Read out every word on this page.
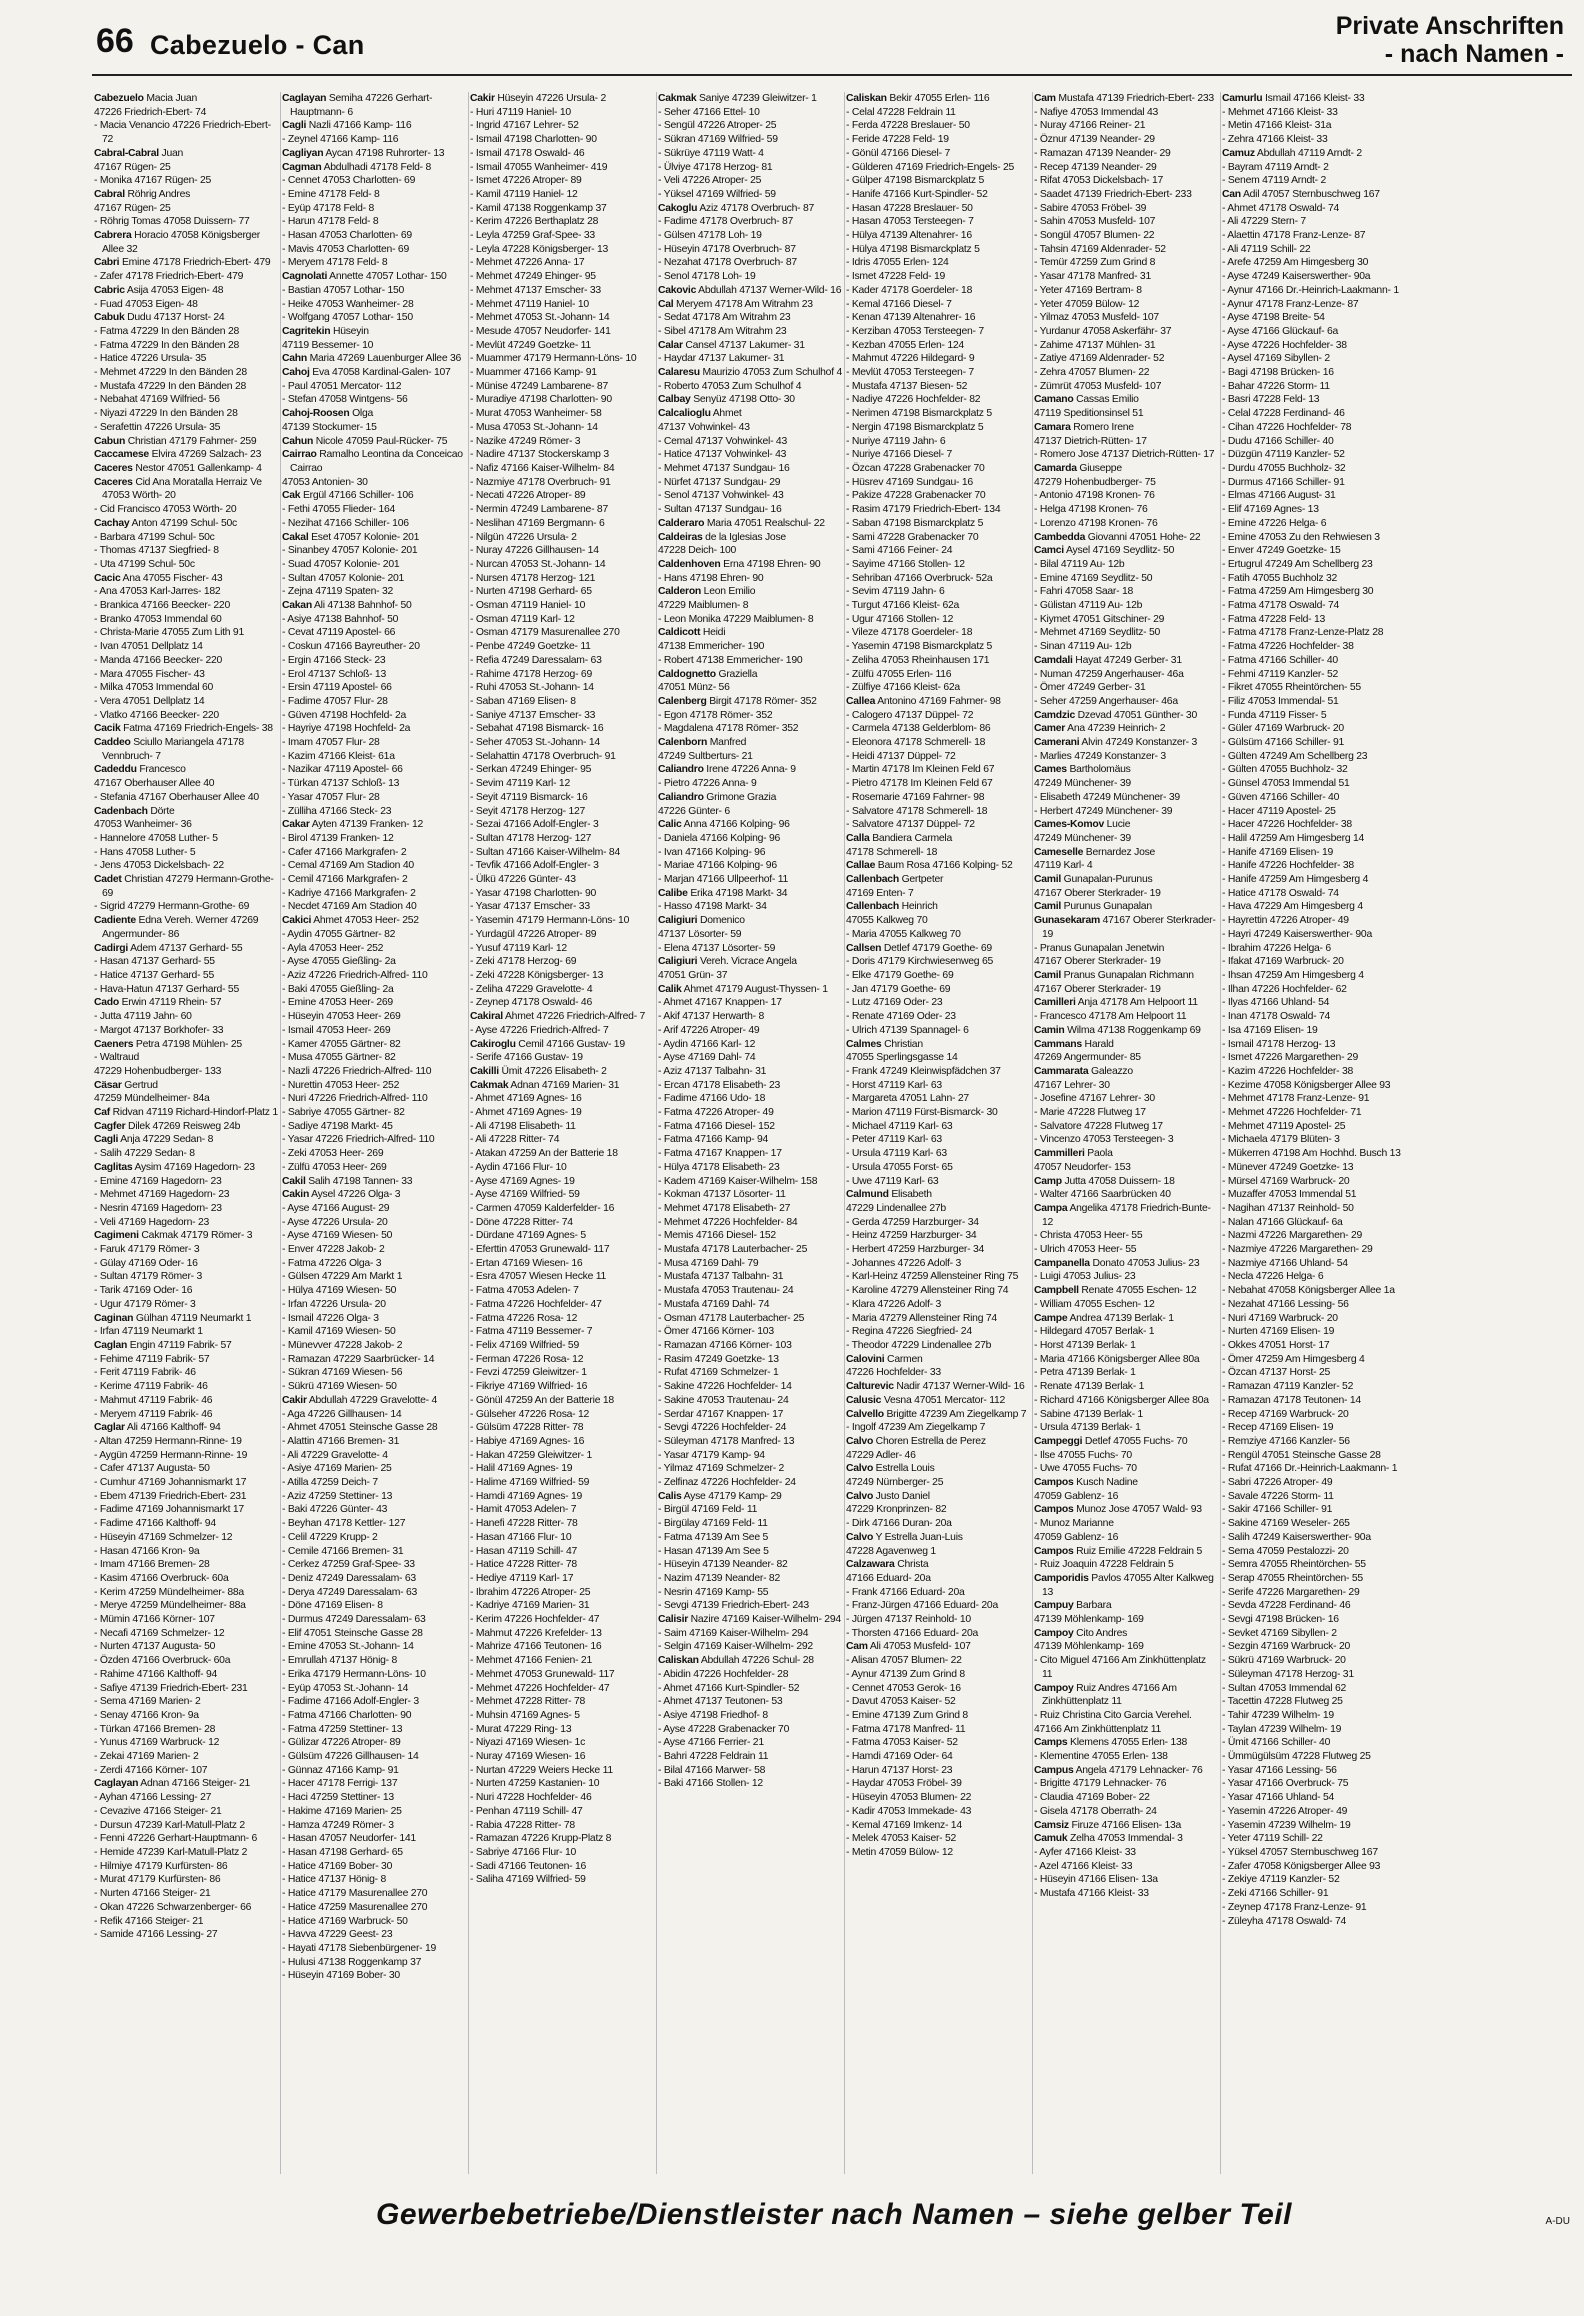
66 Cabezuelo - Can
Private Anschriften
- nach Namen -
Cabezuelo Macia Juan
47226 Friedrich-Ebert- 74
- Macia Venancio 47226 Friedrich-Ebert- 72
Cabral-Cabral Juan
47167 Rügen- 25
- Monika 47167 Rügen- 25
Cabral Röhrig Andres
47167 Rügen- 25
- Röhrig Tomas 47058 Duissern- 77
Cabrera Horacio 47058 Königsberger Allee 32
Cabri Emine 47178 Friedrich-Ebert- 479
- Zafer 47178 Friedrich-Ebert- 479
Cabric Asija 47053 Eigen- 48
- Fuad 47053 Eigen- 48
Cabuk Dudu 47137 Horst- 24
- Fatma 47229 In den Bänden 28
- Fatma 47229 In den Bänden 28
- Hatice 47226 Ursula- 35
- Mehmet 47229 In den Bänden 28
- Mustafa 47229 In den Bänden 28
- Nebahat 47169 Wilfried- 56
- Niyazi 47229 In den Bänden 28
- Serafettin 47226 Ursula- 35
Cabun Christian 47179 Fahrner- 259
Caccamese Elvira 47269 Salzach- 23
Caceres Nestor 47051 Gallenkamp- 4
Caceres Cid Ana Moratalla Herraiz Ve 47053 Wörth- 20
- Cid Francisco 47053 Wörth- 20
Cachay Anton 47199 Schul- 50c
- Barbara 47199 Schul- 50c
- Thomas 47137 Siegfried- 8
- Uta 47199 Schul- 50c
Cacic Ana 47055 Fischer- 43
- Ana 47053 Karl-Jarres- 182
- Brankica 47166 Beecker- 220
- Branko 47053 Immendal 60
- Christa-Marie 47055 Zum Lith 91
- Ivan 47051 Dellplatz 14
- Manda 47166 Beecker- 220
- Mara 47055 Fischer- 43
- Milka 47053 Immendal 60
- Vera 47051 Dellplatz 14
- Vlatko 47166 Beecker- 220
Cacik Fatma 47169 Friedrich-Engels- 38
Caddeo Sciullo Mariangela 47178 Vennbruch- 7
Cadeddu Francesco
47167 Oberhauser Allee 40
- Stefania 47167 Oberhauser Allee 40
Cadenbach Dörte
47053 Wanheimer- 36
- Hannelore 47058 Luther- 5
- Hans 47058 Luther- 5
- Jens 47053 Dickelsbach- 22
Cadet Christian 47279 Hermann-Grothe- 69
- Sigrid 47279 Hermann-Grothe- 69
Cadiente Edna Vereh. Werner 47269 Angermunder- 86
Cadirgi Adem 47137 Gerhard- 55
- Hasan 47137 Gerhard- 55
- Hatice 47137 Gerhard- 55
- Hava-Hatun 47137 Gerhard- 55
Cado Erwin 47119 Rhein- 57
- Jutta 47119 Jahn- 60
- Margot 47137 Borkhofer- 33
Caeners Petra 47198 Mühlen- 25
- Waltraud
47229 Hohenbudberger- 133
Cäsar Gertrud
47259 Mündelheimer- 84a
Caf Ridvan 47119 Richard-Hindorf-Platz 1
Cagfer Dilek 47269 Reisweg 24b
Cagli Anja 47229 Sedan- 8
- Salih 47229 Sedan- 8
Caglitas Aysim 47169 Hagedorn- 23
- Emine 47169 Hagedorn- 23
- Mehmet 47169 Hagedorn- 23
- Nesrin 47169 Hagedorn- 23
- Veli 47169 Hagedorn- 23
Cagimeni Cakmak 47179 Römer- 3
- Faruk 47179 Römer- 3
- Gülay 47169 Oder- 16
- Sultan 47179 Römer- 3
- Tarik 47169 Oder- 16
- Ugur 47179 Römer- 3
Caginan Gülhan 47119 Neumarkt 1
- Irfan 47119 Neumarkt 1
Caglan Engin 47119 Fabrik- 57
- Fehime 47119 Fabrik- 57
- Ferit 47119 Fabrik- 46
- Kerime 47119 Fabrik- 46
- Mahmut 47119 Fabrik- 46
- Meryem 47119 Fabrik- 46
Caglar Ali 47166 Kalthoff- 94
- Altan 47259 Hermann-Rinne- 19
- Aygün 47259 Hermann-Rinne- 19
- Cafer 47137 Augusta- 50
- Cumhur 47169 Johannismarkt 17
- Ebem 47139 Friedrich-Ebert- 231
- Fadime 47169 Johannismarkt 17
- Fadime 47166 Kalthoff- 94
- Hüseyin 47169 Schmelzer- 12
- Hasan 47166 Kron- 9a
- Imam 47166 Bremen- 28
- Kasim 47166 Overbruck- 60a
- Kerim 47259 Mündelheimer- 88a
- Merye 47259 Mündelheimer- 88a
- Mümin 47166 Körner- 107
- Necafi 47169 Schmelzer- 12
- Nurten 47137 Augusta- 50
- Özden 47166 Overbruck- 60a
- Rahime 47166 Kalthoff- 94
- Safiye 47139 Friedrich-Ebert- 231
- Sema 47169 Marien- 2
- Senay 47166 Kron- 9a
- Türkan 47166 Bremen- 28
- Yunus 47169 Warbruck- 12
- Zekai 47169 Marien- 2
- Zerdi 47166 Körner- 107
Caglayan Adnan 47166 Steiger- 21
- Ayhan 47166 Lessing- 27
- Cevazive 47166 Steiger- 21
- Dursun 47239 Karl-Matull-Platz 2
- Fenni 47226 Gerhart-Hauptmann- 6
- Hemide 47239 Karl-Matull-Platz 2
- Hilmiye 47179 Kurfürsten- 86
- Murat 47179 Kurfürsten- 86
- Nurten 47166 Steiger- 21
- Okan 47226 Schwarzenberger- 66
- Refik 47166 Steiger- 21
- Samide 47166 Lessing- 27
Caglayan Semiha 47226 Gerhart-Hauptmann- 6
Cagli Nazli 47166 Kamp- 116
- Zeynel 47166 Kamp- 116
Cagliyan Aycan 47198 Ruhrorter- 13
Cagman Abdulhadi 47178 Feld- 8
- Cennet 47053 Charlotten- 69
- Emine 47178 Feld- 8
- Eyüp 47178 Feld- 8
- Harun 47178 Feld- 8
- Hasan 47053 Charlotten- 69
- Mavis 47053 Charlotten- 69
- Meryem 47178 Feld- 8
Cagnolati Annette 47057 Lothar- 150
- Bastian 47057 Lothar- 150
- Heike 47053 Wanheimer- 28
- Wolfgang 47057 Lothar- 150
Cagritekin Hüseyin
47119 Bessemer- 10
Cahn Maria 47269 Lauenburger Allee 36
Cahoj Eva 47058 Kardinal-Galen- 107
- Paul 47051 Mercator- 112
- Stefan 47058 Wintgens- 56
Cahoj-Roosen Olga
47139 Stockumer- 15
Cahun Nicole 47059 Paul-Rücker- 75
Cairrao Ramalho Leontina da Conceicao Cairrao
47053 Antonien- 30
Cak Ergül 47166 Schiller- 106
- Fethi 47055 Flieder- 164
- Nezihat 47166 Schiller- 106
Cakal Eset 47057 Kolonie- 201
- Sinanbey 47057 Kolonie- 201
- Suad 47057 Kolonie- 201
- Sultan 47057 Kolonie- 201
- Zejna 47119 Spaten- 32
Cakan Ali 47138 Bahnhof- 50
- Asiye 47138 Bahnhof- 50
- Cevat 47119 Apostel- 66
- Coskun 47166 Bayreuther- 20
- Ergin 47166 Steck- 23
- Erol 47137 Schloß- 13
- Ersin 47119 Apostel- 66
- Fadime 47057 Flur- 28
- Güven 47198 Hochfeld- 2a
- Hayriye 47198 Hochfeld- 2a
- Imam 47057 Flur- 28
- Kazim 47166 Kleist- 61a
- Nazikar 47119 Apostel- 66
- Türkan 47137 Schloß- 13
- Yasar 47057 Flur- 28
- Zülliha 47166 Steck- 23
Cakar Ayten 47139 Franken- 12
- Birol 47139 Franken- 12
- Cafer 47166 Markgrafen- 2
- Cemal 47169 Am Stadion 40
- Cemil 47166 Markgrafen- 2
- Kadriye 47166 Markgrafen- 2
- Necdet 47169 Am Stadion 40
Cakici Ahmet 47053 Heer- 252
- Aydin 47055 Gärtner- 82
- Ayla 47053 Heer- 252
- Ayse 47055 Gießling- 2a
- Aziz 47226 Friedrich-Alfred- 110
- Baki 47055 Gießling- 2a
- Emine 47053 Heer- 269
- Hüseyin 47053 Heer- 269
- Ismail 47053 Heer- 269
- Kamer 47055 Gärtner- 82
- Musa 47055 Gärtner- 82
- Nazli 47226 Friedrich-Alfred- 110
- Nurettin 47053 Heer- 252
- Nuri 47226 Friedrich-Alfred- 110
- Sabriye 47055 Gärtner- 82
- Sadiye 47198 Markt- 45
- Yasar 47226 Friedrich-Alfred- 110
- Zeki 47053 Heer- 269
- Zülfü 47053 Heer- 269
Cakil Salih 47198 Tannen- 33
Cakin Aysel 47226 Olga- 3
- Ayse 47166 August- 29
- Ayse 47226 Ursula- 20
- Ayse 47169 Wiesen- 50
- Enver 47228 Jakob- 2
- Fatma 47226 Olga- 3
- Gülsen 47229 Am Markt 1
- Hülya 47169 Wiesen- 50
- Irfan 47226 Ursula- 20
- Ismail 47226 Olga- 3
- Kamil 47169 Wiesen- 50
- Münevver 47228 Jakob- 2
- Ramazan 47229 Saarbrücker- 14
- Sükran 47169 Wiesen- 56
- Sükrü 47169 Wiesen- 50
Cakir Abdullah 47229 Gravelotte- 4
- Aga 47226 Gillhausen- 14
- Ahmet 47051 Steinsche Gasse 28
- Alattin 47166 Bremen- 31
- Ali 47229 Gravelotte- 4
- Asiye 47169 Marien- 25
- Atilla 47259 Deich- 7
- Aziz 47259 Stettiner- 13
- Baki 47226 Günter- 43
- Beyhan 47178 Kettler- 127
- Celil 47229 Krupp- 2
- Cemile 47166 Bremen- 31
- Cerkez 47259 Graf-Spee- 33
- Deniz 47249 Daressalam- 63
- Derya 47249 Daressalam- 63
- Döne 47169 Elisen- 8
- Durmus 47249 Daressalam- 63
- Elif 47051 Steinsche Gasse 28
- Emine 47053 St.-Johann- 14
- Emrullah 47137 Hönig- 8
- Erika 47179 Hermann-Löns- 10
- Eyüp 47053 St.-Johann- 14
- Fadime 47166 Adolf-Engler- 3
- Fatma 47166 Charlotten- 90
- Fatma 47259 Stettiner- 13
- Gülizar 47226 Atroper- 89
- Gülsüm 47226 Gillhausen- 14
- Günnaz 47166 Kamp- 91
- Hacer 47178 Ferrigi- 137
- Haci 47259 Stettiner- 13
- Hakime 47169 Marien- 25
- Hamza 47249 Römer- 3
- Hasan 47057 Neudorfer- 141
- Hasan 47198 Gerhard- 65
- Hatice 47169 Bober- 30
- Hatice 47137 Hönig- 8
- Hatice 47179 Masurenallee 270
- Hatice 47259 Masurenallee 270
- Hatice 47169 Warbruck- 50
- Havva 47229 Geest- 23
- Hayati 47178 Siebenbürgener- 19
- Hulusi 47138 Roggenkamp 37
- Hüseyin 47169 Bober- 30
Cakir Hüseyin 47226 Ursula- 2
- Huri 47119 Haniel- 10
- Ingrid 47167 Lehrer- 52
- Ismail 47198 Charlotten- 90
- Ismail 47178 Oswald- 46
- Ismail 47055 Wanheimer- 419
- Ismet 47226 Atroper- 89
- Kamil 47119 Haniel- 12
- Kamil 47138 Roggenkamp 37
- Kerim 47226 Berthaplatz 28
- Leyla 47259 Graf-Spee- 33
- Leyla 47228 Königsberger- 13
- Mehmet 47226 Anna- 17
- Mehmet 47249 Ehinger- 95
- Mehmet 47137 Emscher- 33
- Mehmet 47119 Haniel- 10
- Mehmet 47053 St.-Johann- 14
- Mesude 47057 Neudorfer- 141
- Mevlüt 47249 Goetzke- 11
- Muammer 47179 Hermann-Löns- 10
- Muammer 47166 Kamp- 91
- Münise 47249 Lambarene- 87
- Muradiye 47198 Charlotten- 90
- Murat 47053 Wanheimer- 58
- Musa 47053 St.-Johann- 14
- Nazike 47249 Römer- 3
- Nadire 47137 Stockerskamp 3
- Nafiz 47166 Kaiser-Wilhelm- 84
- Nazmiye 47178 Overbruch- 91
- Necati 47226 Atroper- 89
- Nermin 47249 Lambarene- 87
- Neslihan 47169 Bergmann- 6
- Nilgün 47226 Ursula- 2
- Nuray 47226 Gillhausen- 14
- Nurcan 47053 St.-Johann- 14
- Nursen 47178 Herzog- 121
- Nurten 47198 Gerhard- 65
- Osman 47119 Haniel- 10
- Osman 47119 Karl- 12
- Osman 47179 Masurenallee 270
- Penbe 47249 Goetzke- 11
- Refia 47249 Daressalam- 63
- Rahime 47178 Herzog- 69
- Ruhi 47053 St.-Johann- 14
- Saban 47169 Elisen- 8
- Saniye 47137 Emscher- 33
- Sebahat 47198 Bismarck- 16
- Seher 47053 St.-Johann- 14
- Selahattin 47178 Overbruch- 91
- Serkan 47249 Ehinger- 95
- Sevim 47119 Karl- 12
- Seyit 47119 Bismarck- 16
- Seyit 47178 Herzog- 127
- Sezai 47166 Adolf-Engler- 3
- Sultan 47178 Herzog- 127
- Sultan 47166 Kaiser-Wilhelm- 84
- Tevfik 47166 Adolf-Engler- 3
- Ülkü 47226 Günter- 43
- Yasar 47198 Charlotten- 90
- Yasar 47137 Emscher- 33
- Yasemin 47179 Hermann-Löns- 10
- Yurdagül 47226 Atroper- 89
- Yusuf 47119 Karl- 12
- Zeki 47178 Herzog- 69
- Zeki 47228 Königsberger- 13
- Zeliha 47229 Gravelotte- 4
- Zeynep 47178 Oswald- 46
Cakiral Ahmet 47226 Friedrich-Alfred- 7
- Ayse 47226 Friedrich-Alfred- 7
Cakiroglu Cemil 47166 Gustav- 19
- Serife 47166 Gustav- 19
Cakilli Ümit 47226 Elisabeth- 2
Cakmak Adnan 47169 Marien- 31
- Ahmet 47169 Agnes- 16
- Ahmet 47169 Agnes- 19
- Ali 47198 Elisabeth- 11
- Ali 47228 Ritter- 74
- Atakan 47259 An der Batterie 18
- Aydin 47166 Flur- 10
- Ayse 47169 Agnes- 19
- Ayse 47169 Wilfried- 59
- Carmen 47059 Kalderfelder- 16
- Döne 47228 Ritter- 74
- Dürdane 47169 Agnes- 5
- Eferttin 47053 Grunewald- 117
- Ertan 47169 Wiesen- 16
- Esra 47057 Wiesen Hecke 11
- Fatma 47053 Adelen- 7
- Fatma 47226 Hochfelder- 47
- Fatma 47226 Rosa- 12
- Fatma 47119 Bessemer- 7
- Felix 47169 Wilfried- 59
- Ferman 47226 Rosa- 12
- Fevzi 47259 Gleiwitzer- 1
- Fikriye 47169 Wilfried- 16
- Gönül 47259 An der Batterie 18
- Gülseher 47226 Rosa- 12
- Gülsüm 47228 Ritter- 78
- Habiye 47169 Agnes- 16
- Hakan 47259 Gleiwitzer- 1
- Halil 47169 Agnes- 19
- Halime 47169 Wilfried- 59
- Hamdi 47169 Agnes- 19
- Hamit 47053 Adelen- 7
- Hanefi 47228 Ritter- 78
- Hasan 47166 Flur- 10
- Hasan 47119 Schill- 47
- Hatice 47228 Ritter- 78
- Hediye 47119 Karl- 17
- Ibrahim 47226 Atroper- 25
- Kadriye 47169 Marien- 31
- Kerim 47226 Hochfelder- 47
- Mahmut 47226 Krefelder- 13
- Mahrize 47166 Teutonen- 16
- Mehmet 47166 Fenien- 21
- Mehmet 47053 Grunewald- 117
- Mehmet 47226 Hochfelder- 47
- Mehmet 47228 Ritter- 78
- Muhsin 47169 Agnes- 5
- Murat 47229 Ring- 13
- Niyazi 47169 Wiesen- 1c
- Nuray 47169 Wiesen- 16
- Nurtan 47229 Weiers Hecke 11
- Nurten 47259 Kastanien- 10
- Nuri 47228 Hochfelder- 46
- Penhan 47119 Schill- 47
- Rabia 47228 Ritter- 78
- Ramazan 47226 Krupp-Platz 8
- Sabriye 47166 Flur- 10
- Sadi 47166 Teutonen- 16
- Saliha 47169 Wilfried- 59
Cakmak Saniye 47239 Gleiwitzer- 1
- Seher 47166 Ettel- 10
- Sengül 47226 Atroper- 25
- Sükran 47169 Wilfried- 59
- Sükrüye 47119 Watt- 4
- Ülviye 47178 Herzog- 81
- Veli 47226 Atroper- 25
- Yüksel 47169 Wilfried- 59
Cakoglu Aziz 47178 Overbruch- 87
- Fadime 47178 Overbruch- 87
- Gülsen 47178 Loh- 19
- Hüseyin 47178 Overbruch- 87
- Nezahat 47178 Overbruch- 87
- Senol 47178 Loh- 19
Cakovic Abdullah 47137 Werner-Wild- 16
Cal Meryem 47178 Am Witrahm 23
- Sedat 47178 Am Witrahm 23
- Sibel 47178 Am Witrahm 23
Calar Cansel 47137 Lakumer- 31
- Haydar 47137 Lakumer- 31
Calaresu Maurizio 47053 Zum Schulhof 4
- Roberto 47053 Zum Schulhof 4
Calbay Senyüz 47198 Otto- 30
Calcalioglu Ahmet
47137 Vohwinkel- 43
- Cemal 47137 Vohwinkel- 43
- Hatice 47137 Vohwinkel- 43
- Mehmet 47137 Sundgau- 16
- Nürfet 47137 Sundgau- 29
- Senol 47137 Vohwinkel- 43
- Sultan 47137 Sundgau- 16
Calderaro Maria 47051 Realschul- 22
Caldeiras de la Iglesias Jose
47228 Deich- 100
Caldenhoven Erna 47198 Ehren- 90
- Hans 47198 Ehren- 90
Calderon Leon Emilio
47229 Maiblumen- 8
- Leon Monika 47229 Maiblumen- 8
Caldicott Heidi
47138 Emmericher- 190
- Robert 47138 Emmericher- 190
Caldognetto Graziella
47051 Münz- 56
Calenberg Birgit 47178 Römer- 352
- Egon 47178 Römer- 352
- Magdalena 47178 Römer- 352
Calenborn Manfred
47249 Sultberturs- 21
Caliandro Irene 47226 Anna- 9
- Pietro 47226 Anna- 9
Caliandro Grimone Grazia
47226 Günter- 6
Calic Anna 47166 Kolping- 96
- Daniela 47166 Kolping- 96
- Ivan 47166 Kolping- 96
- Mariae 47166 Kolping- 96
- Marjan 47166 Ullpeerhof- 11
Calibe Erika 47198 Markt- 34
- Hasso 47198 Markt- 34
Caligiuri Domenico
47137 Lösorter- 59
- Elena 47137 Lösorter- 59
Caligiuri Vereh. Vicrace Angela
47051 Grün- 37
Calik Ahmet 47179 August-Thyssen- 1
- Ahmet 47167 Knappen- 17
- Akif 47137 Herwarth- 8
- Arif 47226 Atroper- 49
- Aydin 47166 Karl- 12
- Ayse 47169 Dahl- 74
- Aziz 47137 Talbahn- 31
- Ercan 47178 Elisabeth- 23
- Fadime 47166 Udo- 18
- Fatma 47226 Atroper- 49
- Fatma 47166 Diesel- 152
- Fatma 47166 Kamp- 94
- Fatma 47167 Knappen- 17
- Hülya 47178 Elisabeth- 23
- Kadem 47169 Kaiser-Wilhelm- 158
- Kokman 47137 Lösorter- 11
- Mehmet 47178 Elisabeth- 27
- Mehmet 47226 Hochfelder- 84
- Memis 47166 Diesel- 152
- Mustafa 47178 Lauterbacher- 25
- Musa 47169 Dahl- 79
- Mustafa 47137 Talbahn- 31
- Mustafa 47053 Trautenau- 24
- Mustafa 47169 Dahl- 74
- Osman 47178 Lauterbacher- 25
- Ömer 47166 Körner- 103
- Ramazan 47166 Körner- 103
- Rasim 47249 Goetzke- 13
- Rufat 47169 Schmelzer- 1
- Sakine 47226 Hochfelder- 14
- Sakine 47053 Trautenau- 24
- Serdar 47167 Knappen- 17
- Sevgi 47226 Hochfelder- 24
- Süleyman 47178 Manfred- 13
- Yasar 47179 Kamp- 94
- Yilmaz 47169 Schmelzer- 2
- Zelfinaz 47226 Hochfelder- 24
Calis Ayse 47179 Kamp- 29
- Birgül 47169 Feld- 11
- Birgülay 47169 Feld- 11
- Fatma 47139 Am See 5
- Hasan 47139 Am See 5
- Hüseyin 47139 Neander- 82
- Nazim 47139 Neander- 82
- Nesrin 47169 Kamp- 55
- Sevgi 47139 Friedrich-Ebert- 243
Calisir Nazire 47169 Kaiser-Wilhelm- 294
- Saim 47169 Kaiser-Wilhelm- 294
- Selgin 47169 Kaiser-Wilhelm- 292
Caliskan Abdullah 47226 Schul- 28
- Abidin 47226 Hochfelder- 28
- Ahmet 47166 Kurt-Spindler- 52
- Ahmet 47137 Teutonen- 53
- Asiye 47198 Friedhof- 8
- Ayse 47228 Grabenacker 70
- Ayse 47166 Ferrier- 21
- Bahri 47228 Feldrain 11
- Bilal 47166 Marwer- 58
- Baki 47166 Stollen- 12
Caliskan Bekir 47055 Erlen- 116
- Celal 47228 Feldrain 11
- Ferda 47228 Breslauer- 50
- Feride 47228 Feld- 19
- Gönül 47166 Diesel- 7
- Gülderen 47169 Friedrich-Engels- 25
- Gülper 47198 Bismarckplatz 5
- Hanife 47166 Kurt-Spindler- 52
- Hasan 47228 Breslauer- 50
- Hasan 47053 Tersteegen- 7
- Hülya 47139 Altenahrer- 16
- Hülya 47198 Bismarckplatz 5
- Idris 47055 Erlen- 124
- Ismet 47228 Feld- 19
- Kader 47178 Goerdeler- 18
- Kemal 47166 Diesel- 7
- Kenan 47139 Altenahrer- 16
- Kerziban 47053 Tersteegen- 7
- Kezban 47055 Erlen- 124
- Mahmut 47226 Hildegard- 9
- Mevlüt 47053 Tersteegen- 7
- Mustafa 47137 Biesen- 52
- Nadiye 47226 Hochfelder- 82
- Nerimen 47198 Bismarckplatz 5
- Nergin 47198 Bismarckplatz 5
- Nuriye 47119 Jahn- 6
- Nuriye 47166 Diesel- 7
- Özcan 47228 Grabenacker 70
- Hüsrev 47169 Sundgau- 16
- Pakize 47228 Grabenacker 70
- Rasim 47179 Friedrich-Ebert- 134
- Saban 47198 Bismarckplatz 5
- Sami 47228 Grabenacker 70
- Sami 47166 Feiner- 24
- Sayime 47166 Stollen- 12
- Sehriban 47166 Overbruck- 52a
- Sevim 47119 Jahn- 6
- Turgut 47166 Kleist- 62a
- Ugur 47166 Stollen- 12
- Vileze 47178 Goerdeler- 18
- Yasemin 47198 Bismarckplatz 5
- Zeliha 47053 Rheinhausen 171
- Zülfü 47055 Erlen- 116
- Zülfiye 47166 Kleist- 62a
Callea Antonino 47169 Fahrner- 98
- Calogero 47137 Düppel- 72
- Carmela 47138 Gelderblom- 86
- Eleonora 47178 Schmerell- 18
- Heidi 47137 Düppel- 72
- Martin 47178 Im Kleinen Feld 67
- Pietro 47178 Im Kleinen Feld 67
- Rosemarie 47169 Fahrner- 98
- Salvatore 47178 Schmerell- 18
- Salvatore 47137 Düppel- 72
Calla Bandiera Carmela
47178 Schmerell- 18
Callae Baum Rosa 47166 Kolping- 52
Callenbach Gertpeter
47169 Enten- 7
Callenbach Heinrich
47055 Kalkweg 70
- Maria 47055 Kalkweg 70
Callsen Detlef 47179 Goethe- 69
- Doris 47179 Kirchwiesenweg 65
- Elke 47179 Goethe- 69
- Jan 47179 Goethe- 69
- Lutz 47169 Oder- 23
- Renate 47169 Oder- 23
- Ulrich 47139 Spannagel- 6
Calmes Christian
47055 Sperlingsgasse 14
- Frank 47249 Kleinwispfädchen 37
- Horst 47119 Karl- 63
- Margareta 47051 Lahn- 27
- Marion 47119 Fürst-Bismarck- 30
- Michael 47119 Karl- 63
- Peter 47119 Karl- 63
- Ursula 47119 Karl- 63
- Ursula 47055 Forst- 65
- Uwe 47119 Karl- 63
Calmund Elisabeth
47229 Lindenallee 27b
- Gerda 47259 Harzburger- 34
- Heinz 47259 Harzburger- 34
- Herbert 47259 Harzburger- 34
- Johannes 47226 Adolf- 3
- Karl-Heinz 47259 Allensteiner Ring 75
- Karoline 47279 Allensteiner Ring 74
- Klara 47226 Adolf- 3
- Maria 47279 Allensteiner Ring 74
- Regina 47226 Siegfried- 24
- Theodor 47229 Lindenallee 27b
Calovini Carmen
47226 Hochfelder- 33
Calturevic Nadir 47137 Werner-Wild- 16
Calusic Vesna 47051 Mercator- 112
Calvello Brigitte 47239 Am Ziegelkamp 7
- Ingolf 47239 Am Ziegelkamp 7
Calvo Choren Estrella de Perez
47229 Adler- 46
Calvo Estrella Louis
47249 Nürnberger- 25
Calvo Justo Daniel
47229 Kronprinzen- 82
- Dirk 47166 Duran- 20a
Calvo Y Estrella Juan-Luis
47228 Agavenweg 1
Calzawara Christa
47166 Eduard- 20a
- Frank 47166 Eduard- 20a
- Franz-Jürgen 47166 Eduard- 20a
- Jürgen 47137 Reinhold- 10
- Thorsten 47166 Eduard- 20a
Cam Ali 47053 Musfeld- 107
- Alisan 47057 Blumen- 22
- Aynur 47139 Zum Grind 8
- Cennet 47053 Gerok- 16
- Davut 47053 Kaiser- 52
- Emine 47139 Zum Grind 8
- Fatma 47178 Manfred- 11
- Fatma 47053 Kaiser- 52
- Hamdi 47169 Oder- 64
- Harun 47137 Horst- 23
- Haydar 47053 Fröbel- 39
- Hüseyin 47053 Blumen- 22
- Kadir 47053 Immekade- 43
- Kemal 47169 Imkenz- 14
- Melek 47053 Kaiser- 52
- Metin 47059 Bülow- 12
Cam Mustafa 47139 Friedrich-Ebert- 233
- Nafiye 47053 Immendal 43
- Nuray 47166 Reiner- 21
- Öznur 47139 Neander- 29
- Ramazan 47139 Neander- 29
- Recep 47139 Neander- 29
- Rifat 47053 Dickelsbach- 17
- Saadet 47139 Friedrich-Ebert- 233
- Sabire 47053 Fröbel- 39
- Sahin 47053 Musfeld- 107
- Songül 47057 Blumen- 22
- Tahsin 47169 Aldenrader- 52
- Temür 47259 Zum Grind 8
- Yasar 47178 Manfred- 31
- Yeter 47169 Bertram- 8
- Yeter 47059 Bülow- 12
- Yilmaz 47053 Musfeld- 107
- Yurdanur 47058 Askerfähr- 37
- Zahime 47137 Mühlen- 31
- Zatiye 47169 Aldenrader- 52
- Zehra 47057 Blumen- 22
- Zümrüt 47053 Musfeld- 107
Camano Cassas Emilio
47119 Speditionsinsel 51
Camara Romero Irene
47137 Dietrich-Rütten- 17
- Romero Jose 47137 Dietrich-Rütten- 17
Camarda Giuseppe
47279 Hohenbudberger- 75
- Antonio 47198 Kronen- 76
- Helga 47198 Kronen- 76
- Lorenzo 47198 Kronen- 76
Cambedda Giovanni 47051 Hohe- 22
Camci Aysel 47169 Seydlitz- 50
- Bilal 47119 Au- 12b
- Emine 47169 Seydlitz- 50
- Fahri 47058 Saar- 18
- Gülistan 47119 Au- 12b
- Kiymet 47051 Gitschiner- 29
- Mehmet 47169 Seydlitz- 50
- Sinan 47119 Au- 12b
Camdali Hayat 47249 Gerber- 31
- Numan 47259 Angerhauser- 46a
- Ömer 47249 Gerber- 31
- Seher 47259 Angerhauser- 46a
Camdzic Dzevad 47051 Günther- 30
Camer Ana 47239 Heinrich- 2
Camerani Alvin 47249 Konstanzer- 3
- Marlies 47249 Konstanzer- 3
Cames Bartholomäus
47249 Münchener- 39
- Elisabeth 47249 Münchener- 39
- Herbert 47249 Münchener- 39
Cames-Komov Lucie
47249 Münchener- 39
Cameselle Bernardez Jose
47119 Karl- 4
Camil Gunapalan-Purunus
47167 Oberer Sterkrader- 19
Camil Purunus Gunapalan
Gunasekaram 47167 Oberer Sterkrader- 19
- Pranus Gunapalan Jenetwin
47167 Oberer Sterkrader- 19
Camil Pranus Gunapalan Richmann
47167 Oberer Sterkrader- 19
Camilleri Anja 47178 Am Helpoort 11
- Francesco 47178 Am Helpoort 11
Camin Wilma 47138 Roggenkamp 69
Cammans Harald
47269 Angermunder- 85
Cammarata Galeazzo
47167 Lehrer- 30
- Josefine 47167 Lehrer- 30
- Marie 47228 Flutweg 17
- Salvatore 47228 Flutweg 17
- Vincenzo 47053 Tersteegen- 3
Cammilleri Paola
47057 Neudorfer- 153
Camp Jutta 47058 Duissern- 18
- Walter 47166 Saarbrücken 40
Campa Angelika 47178 Friedrich-Bunte- 12
- Christa 47053 Heer- 55
- Ulrich 47053 Heer- 55
Campanella Donato 47053 Julius- 23
- Luigi 47053 Julius- 23
Campbell Renate 47055 Eschen- 12
- William 47055 Eschen- 12
Campe Andrea 47139 Berlak- 1
- Hildegard 47057 Berlak- 1
- Horst 47139 Berlak- 1
- Maria 47166 Königsberger Allee 80a
- Petra 47139 Berlak- 1
- Renate 47139 Berlak- 1
- Richard 47166 Königsberger Allee 80a
- Sabine 47139 Berlak- 1
- Ursula 47139 Berlak- 1
Campeggi Detlef 47055 Fuchs- 70
- Ilse 47055 Fuchs- 70
- Uwe 47055 Fuchs- 70
Campos Kusch Nadine
47059 Gablenz- 16
Campos Munoz Jose 47057 Wald- 93
- Munoz Marianne
47059 Gablenz- 16
Campos Ruiz Emilie 47228 Feldrain 5
- Ruiz Joaquin 47228 Feldrain 5
Camporidis Pavlos 47055 Alter Kalkweg 13
Campuy Barbara
47139 Möhlenkamp- 169
Campoy Cito Andres
47139 Möhlenkamp- 169
- Cito Miguel 47166 Am Zinkhüttenplatz 11
Campoy Ruiz Andres 47166 Am Zinkhüttenplatz 11
- Ruiz Christina Cito Garcia Verehel.
47166 Am Zinkhüttenplatz 11
Camps Klemens 47055 Erlen- 138
- Klementine 47055 Erlen- 138
Campus Angela 47179 Lehnacker- 76
- Brigitte 47179 Lehnacker- 76
- Claudia 47169 Bober- 22
- Gisela 47178 Oberrath- 24
Camsiz Firuze 47166 Elisen- 13a
Camuk Zelha 47053 Immendal- 3
- Ayfer 47166 Kleist- 33
- Azel 47166 Kleist- 33
- Hüseyin 47166 Elisen- 13a
- Mustafa 47166 Kleist- 33
Camurlu Ismail 47166 Kleist- 33
- Mehmet 47166 Kleist- 33
- Metin 47166 Kleist- 31a
- Zehra 47166 Kleist- 33
Camuz Abdullah 47119 Arndt- 2
- Bayram 47119 Arndt- 2
- Senem 47119 Arndt- 2
Can Adil 47057 Sternbuschweg 167
- Ahmet 47178 Oswald- 74
- Ali 47229 Stern- 7
- Alaettin 47178 Franz-Lenze- 87
- Ali 47119 Schill- 22
- Arefe 47259 Am Himgesberg 30
- Ayse 47249 Kaiserswerther- 90a
- Aynur 47166 Dr.-Heinrich-Laakmann- 1
- Aynur 47178 Franz-Lenze- 87
- Ayse 47198 Breite- 54
- Ayse 47166 Glückauf- 6a
- Ayse 47226 Hochfelder- 38
- Aysel 47169 Sibyllen- 2
- Bagi 47198 Brücken- 16
- Bahar 47226 Storm- 11
- Basri 47228 Feld- 13
- Celal 47228 Ferdinand- 46
- Cihan 47226 Hochfelder- 78
- Dudu 47166 Schiller- 40
- Düzgün 47119 Kanzler- 52
- Durdu 47055 Buchholz- 32
- Durmus 47166 Schiller- 91
- Elmas 47166 August- 31
- Elif 47169 Agnes- 13
- Emine 47226 Helga- 6
- Emine 47053 Zu den Rehwiesen 3
- Enver 47249 Goetzke- 15
- Ertugrul 47249 Am Schellberg 23
- Fatih 47055 Buchholz 32
- Fatma 47259 Am Himgesberg 30
- Fatma 47178 Oswald- 74
- Fatma 47228 Feld- 13
- Fatma 47178 Franz-Lenze-Platz 28
- Fatma 47226 Hochfelder- 38
- Fatma 47166 Schiller- 40
- Fehmi 47119 Kanzler- 52
- Fikret 47055 Rheintörchen- 55
- Filiz 47053 Immendal- 51
- Funda 47119 Fisser- 5
- Güler 47169 Warbruck- 20
- Gülsüm 47166 Schiller- 91
- Gülten 47249 Am Schellberg 23
- Gülten 47055 Buchholz- 32
- Günsel 47053 Immendal 51
- Güven 47166 Schiller- 40
- Hacer 47119 Apostel- 25
- Hacer 47226 Hochfelder- 38
- Halil 47259 Am Himgesberg 14
- Hanife 47169 Elisen- 19
- Hanife 47226 Hochfelder- 38
- Hanife 47259 Am Himgesberg 4
- Hatice 47178 Oswald- 74
- Hava 47229 Am Himgesberg 4
- Hayrettin 47226 Atroper- 49
- Hayri 47249 Kaiserswerther- 90a
- Ibrahim 47226 Helga- 6
- Ifakat 47169 Warbruck- 20
- Ihsan 47259 Am Himgesberg 4
- Ilhan 47226 Hochfelder- 62
- Ilyas 47166 Uhland- 54
- Inan 47178 Oswald- 74
- Isa 47169 Elisen- 19
- Ismail 47178 Herzog- 13
- Ismet 47226 Margarethen- 29
- Kazim 47226 Hochfelder- 38
- Kezime 47058 Königsberger Allee 93
- Mehmet 47178 Franz-Lenze- 91
- Mehmet 47226 Hochfelder- 71
- Mehmet 47119 Apostel- 25
- Michaela 47179 Blüten- 3
- Mükerren 47198 Am Hochhd. Busch 13
- Münever 47249 Goetzke- 13
- Mürsel 47169 Warbruck- 20
- Muzaffer 47053 Immendal 51
- Nagihan 47137 Reinhold- 50
- Nalan 47166 Glückauf- 6a
- Nazmi 47226 Margarethen- 29
- Nazmiye 47226 Margarethen- 29
- Nazmiye 47166 Uhland- 54
- Necla 47226 Helga- 6
- Nebahat 47058 Königsberger Allee 1a
- Nezahat 47166 Lessing- 56
- Nuri 47169 Warbruck- 20
- Nurten 47169 Elisen- 19
- Okkes 47051 Horst- 17
- Ömer 47259 Am Himgesberg 4
- Özcan 47137 Horst- 25
- Ramazan 47119 Kanzler- 52
- Ramazan 47178 Teutonen- 14
- Recep 47169 Warbruck- 20
- Recep 47169 Elisen- 19
- Remziye 47166 Kanzler- 56
- Rengül 47051 Steinsche Gasse 28
- Rufat 47166 Dr.-Heinrich-Laakmann- 1
- Sabri 47226 Atroper- 49
- Savale 47226 Storm- 11
- Sakir 47166 Schiller- 91
- Sakine 47169 Weseler- 265
- Salih 47249 Kaiserswerther- 90a
- Sema 47059 Pestalozzi- 20
- Semra 47055 Rheintörchen- 55
- Serap 47055 Rheintörchen- 55
- Serife 47226 Margarethen- 29
- Sevda 47228 Ferdinand- 46
- Sevgi 47198 Brücken- 16
- Sevket 47169 Sibyllen- 2
- Sezgin 47169 Warbruck- 20
- Sükrü 47169 Warbruck- 20
- Süleyman 47178 Herzog- 31
- Sultan 47053 Immendal 62
- Tacettin 47228 Flutweg 25
- Tahir 47239 Wilhelm- 19
- Taylan 47239 Wilhelm- 19
- Ümit 47166 Schiller- 40
- Ümmügülsüm 47228 Flutweg 25
- Yasar 47166 Lessing- 56
- Yasar 47166 Overbruck- 75
- Yasar 47166 Uhland- 54
- Yasemin 47226 Atroper- 49
- Yasemin 47239 Wilhelm- 19
- Yeter 47119 Schill- 22
- Yüksel 47057 Sternbuschweg 167
- Zafer 47058 Königsberger Allee 93
- Zekiye 47119 Kanzler- 52
- Zeki 47166 Schiller- 91
- Zeynep 47178 Franz-Lenze- 91
- Züleyha 47178 Oswald- 74
Gewerbebetriebe/Dienstleister nach Namen – siehe gelber Teil	A-DU
